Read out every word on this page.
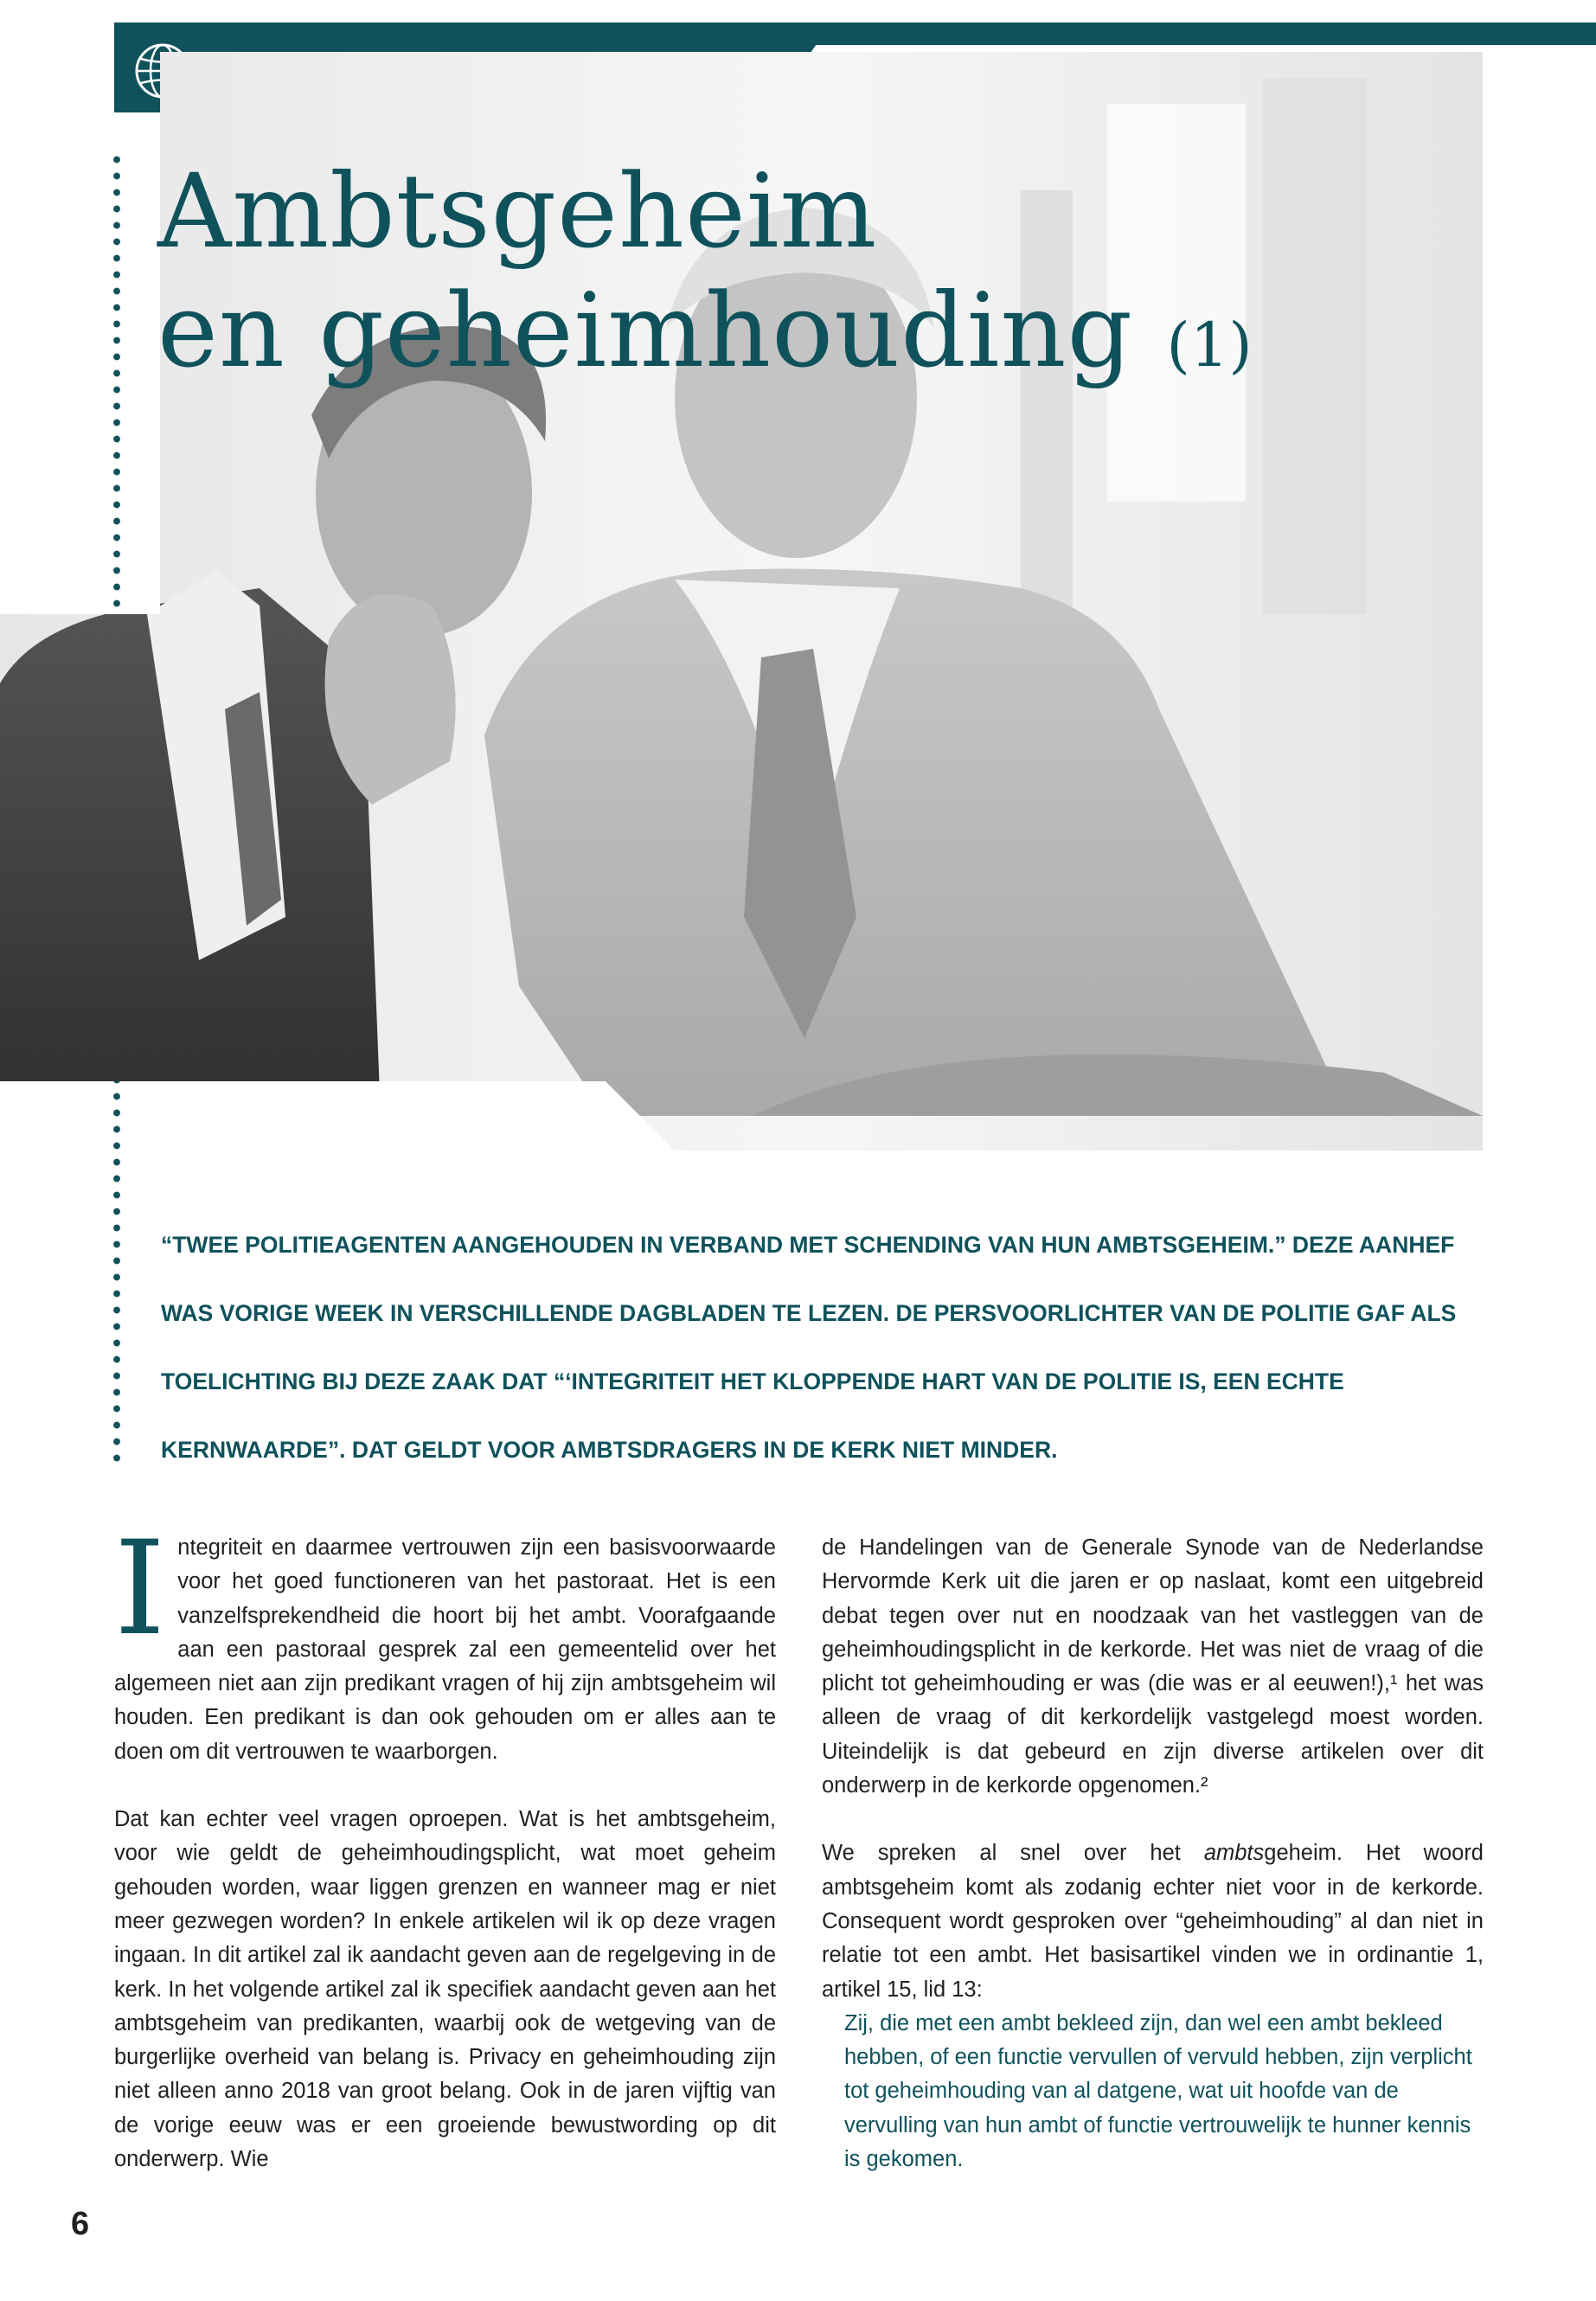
Ambtsgeheim
en geheimhouding (1)

“TWEE POLITIEAGENTEN AANGEHOUDEN IN VERBAND MET SCHENDING VAN HUN AMBTSGEHEIM.” DEZE AANHEF WAS VORIGE WEEK IN VERSCHILLENDE DAGBLADEN TE LEZEN. DE PERSVOORLICHTER VAN DE POLITIE GAF ALS TOELICHTING BIJ DEZE ZAAK DAT “‘INTEGRITEIT HET KLOPPENDE HART VAN DE POLITIE IS, EEN ECHTE KERNWAARDE”. DAT GELDT VOOR AMBTSDRAGERS IN DE KERK NIET MINDER.

Integriteit en daarmee vertrouwen zijn een basisvoorwaarde voor het goed functioneren van het pastoraat. Het is een vanzelfsprekendheid die hoort bij het ambt. Voorafgaande aan een pastoraal gesprek zal een gemeentelid over het algemeen niet aan zijn predikant vragen of hij zijn ambtsgeheim wil houden. Een predikant is dan ook gehouden om er alles aan te doen om dit vertrouwen te waarborgen.

Dat kan echter veel vragen oproepen. Wat is het ambtsgeheim, voor wie geldt de geheimhoudingsplicht, wat moet geheim gehouden worden, waar liggen grenzen en wanneer mag er niet meer gezwegen worden? In enkele artikelen wil ik op deze vragen ingaan. In dit artikel zal ik aandacht geven aan de regelgeving in de kerk. In het volgende artikel zal ik specifiek aandacht geven aan het ambtsgeheim van predikanten, waarbij ook de wetgeving van de burgerlijke overheid van belang is. Privacy en geheimhouding zijn niet alleen anno 2018 van groot belang. Ook in de jaren vijftig van de vorige eeuw was er een groeiende bewustwording op dit onderwerp. Wie

de Handelingen van de Generale Synode van de Nederlandse Hervormde Kerk uit die jaren er op naslaat, komt een uitgebreid debat tegen over nut en noodzaak van het vastleggen van de geheimhoudingsplicht in de kerkorde. Het was niet de vraag of die plicht tot geheimhouding er was (die was er al eeuwen!),¹ het was alleen de vraag of dit kerkordelijk vastgelegd moest worden. Uiteindelijk is dat gebeurd en zijn diverse artikelen over dit onderwerp in de kerkorde opgenomen.²

We spreken al snel over het ambtsgeheim. Het woord ambtsgeheim komt als zodanig echter niet voor in de kerkorde. Consequent wordt gesproken over “geheimhouding” al dan niet in relatie tot een ambt. Het basisartikel vinden we in ordinantie 1, artikel 15, lid 13:

Zij, die met een ambt bekleed zijn, dan wel een ambt bekleed hebben, of een functie vervullen of vervuld hebben, zijn verplicht tot geheimhouding van al datgene, wat uit hoofde van de vervulling van hun ambt of functie vertrouwelijk te hunner kennis is gekomen.

6
